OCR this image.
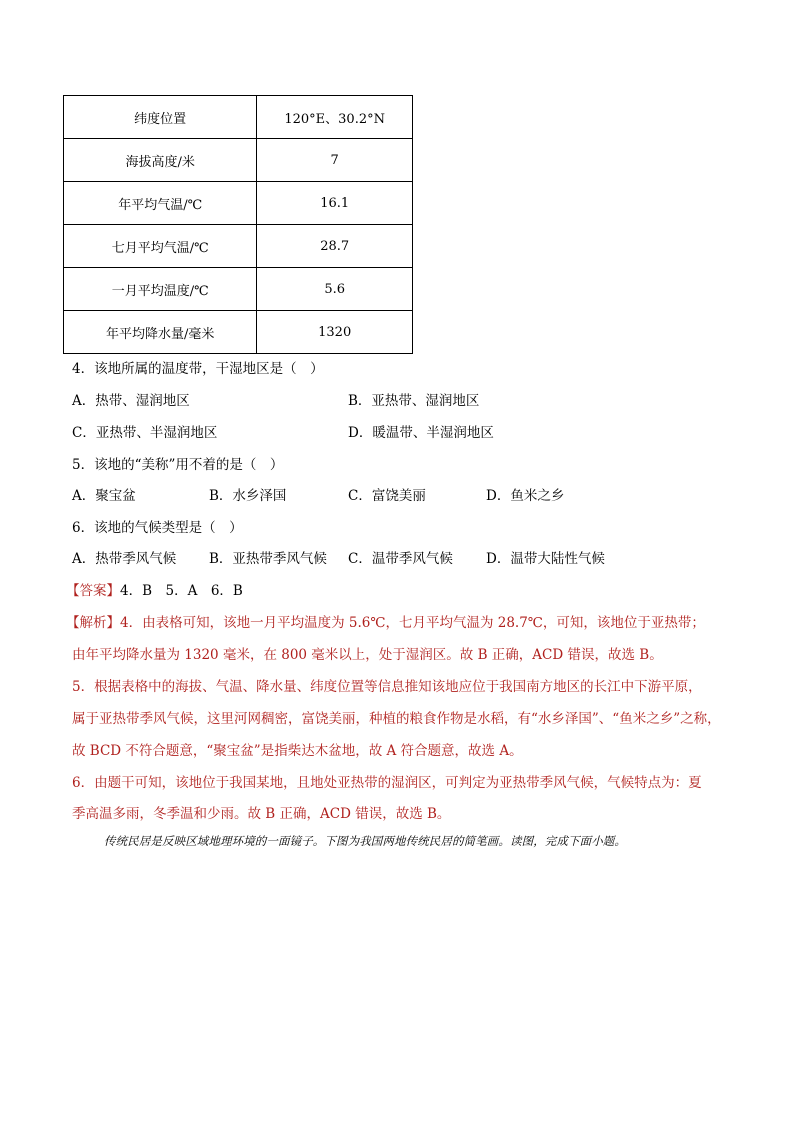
纬度位置	120°E、30.2°N
海拔高度/米	7
年平均气温/℃	16.1
七月平均气温/℃	28.7
一月平均温度/℃	5.6
年平均降水量/毫米	1320
4．该地所属的温度带，干湿地区是（　）
A．热带、湿润地区	B．亚热带、湿润地区
C．亚热带、半湿润地区	D．暖温带、半湿润地区
5．该地的“美称”用不着的是（　）
A．聚宝盆	B．水乡泽国	C．富饶美丽	D．鱼米之乡
6．该地的气候类型是（　）
A．热带季风气候 B．亚热带季风气候 C．温带季风气候 D．温带大陆性气候
【答案】4．B　5．A　6．B
【解析】4．由表格可知，该地一月平均温度为 5.6℃，七月平均气温为 28.7℃，可知，该地位于亚热带；
由年平均降水量为 1320 毫米，在 800 毫米以上，处于湿润区。故 B 正确，ACD 错误，故选 B。
5．根据表格中的海拔、气温、降水量、纬度位置等信息推知该地应位于我国南方地区的长江中下游平原，
属于亚热带季风气候，这里河网稠密，富饶美丽，种植的粮食作物是水稻，有“水乡泽国”、“鱼米之乡”之称，
故 BCD 不符合题意，“聚宝盆”是指柴达木盆地，故 A 符合题意，故选 A。
6．由题干可知，该地位于我国某地，且地处亚热带的湿润区，可判定为亚热带季风气候，气候特点为：夏
季高温多雨，冬季温和少雨。故 B 正确，ACD 错误，故选 B。
传统民居是反映区域地理环境的一面镜子。下图为我国两地传统民居的简笔画。读图，完成下面小题。
